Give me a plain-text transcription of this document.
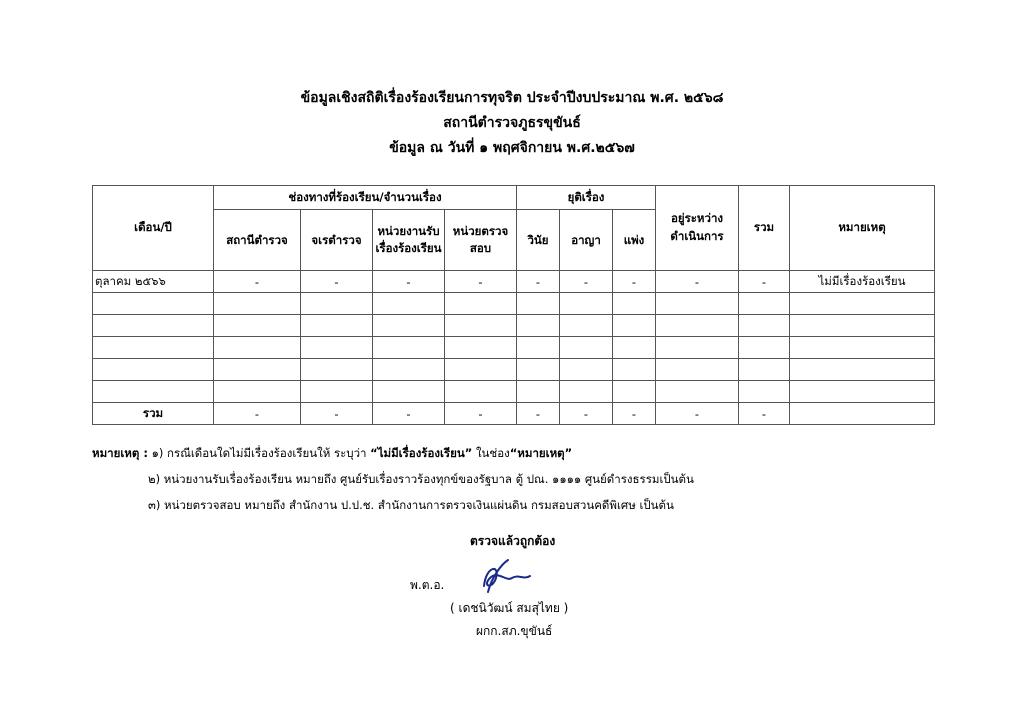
ข้อมูลเชิงสถิติเรื่องร้องเรียนการทุจริต ประจำปีงบประมาณ พ.ศ. ๒๕๖๘
สถานีตำรวจภูธรขุขันธ์
ข้อมูล ณ วันที่ ๑ พฤศจิกายน พ.ศ.๒๕๖๗
เดือน/ปี	ช่องทางที่ร้องเรียน/จำนวนเรื่อง				ยุติเรื่อง			อยู่ระหว่างดำเนินการ	รวม	หมายเหตุ
	สถานีตำรวจ	จเรตำรวจ	หน่วยงานรับเรื่องร้องเรียน	หน่วยตรวจสอบ	วินัย	อาญา	แพ่ง			
ตุลาคม ๒๕๖๖	-	-	-	-	-	-	-	-	-	ไม่มีเรื่องร้องเรียน

รวม	-	-	-	-	-	-	-	-	-	
หมายเหตุ : ๑) กรณีเดือนใดไม่มีเรื่องร้องเรียนให้ ระบุว่า “ไม่มีเรื่องร้องเรียน” ในช่อง“หมายเหตุ”
๒) หน่วยงานรับเรื่องร้องเรียน หมายถึง ศูนย์รับเรื่องราวร้องทุกข์ของรัฐบาล ตู้ ปณ. ๑๑๑๑ ศูนย์ดำรงธรรมเป็นต้น
๓) หน่วยตรวจสอบ หมายถึง สำนักงาน ป.ป.ช. สำนักงานการตรวจเงินแผ่นดิน กรมสอบสวนคดีพิเศษ เป็นต้น
ตรวจแล้วถูกต้อง
พ.ต.อ.
( เดชนิวัฒน์ สมสุไทย )
ผกก.สภ.ขุขันธ์
